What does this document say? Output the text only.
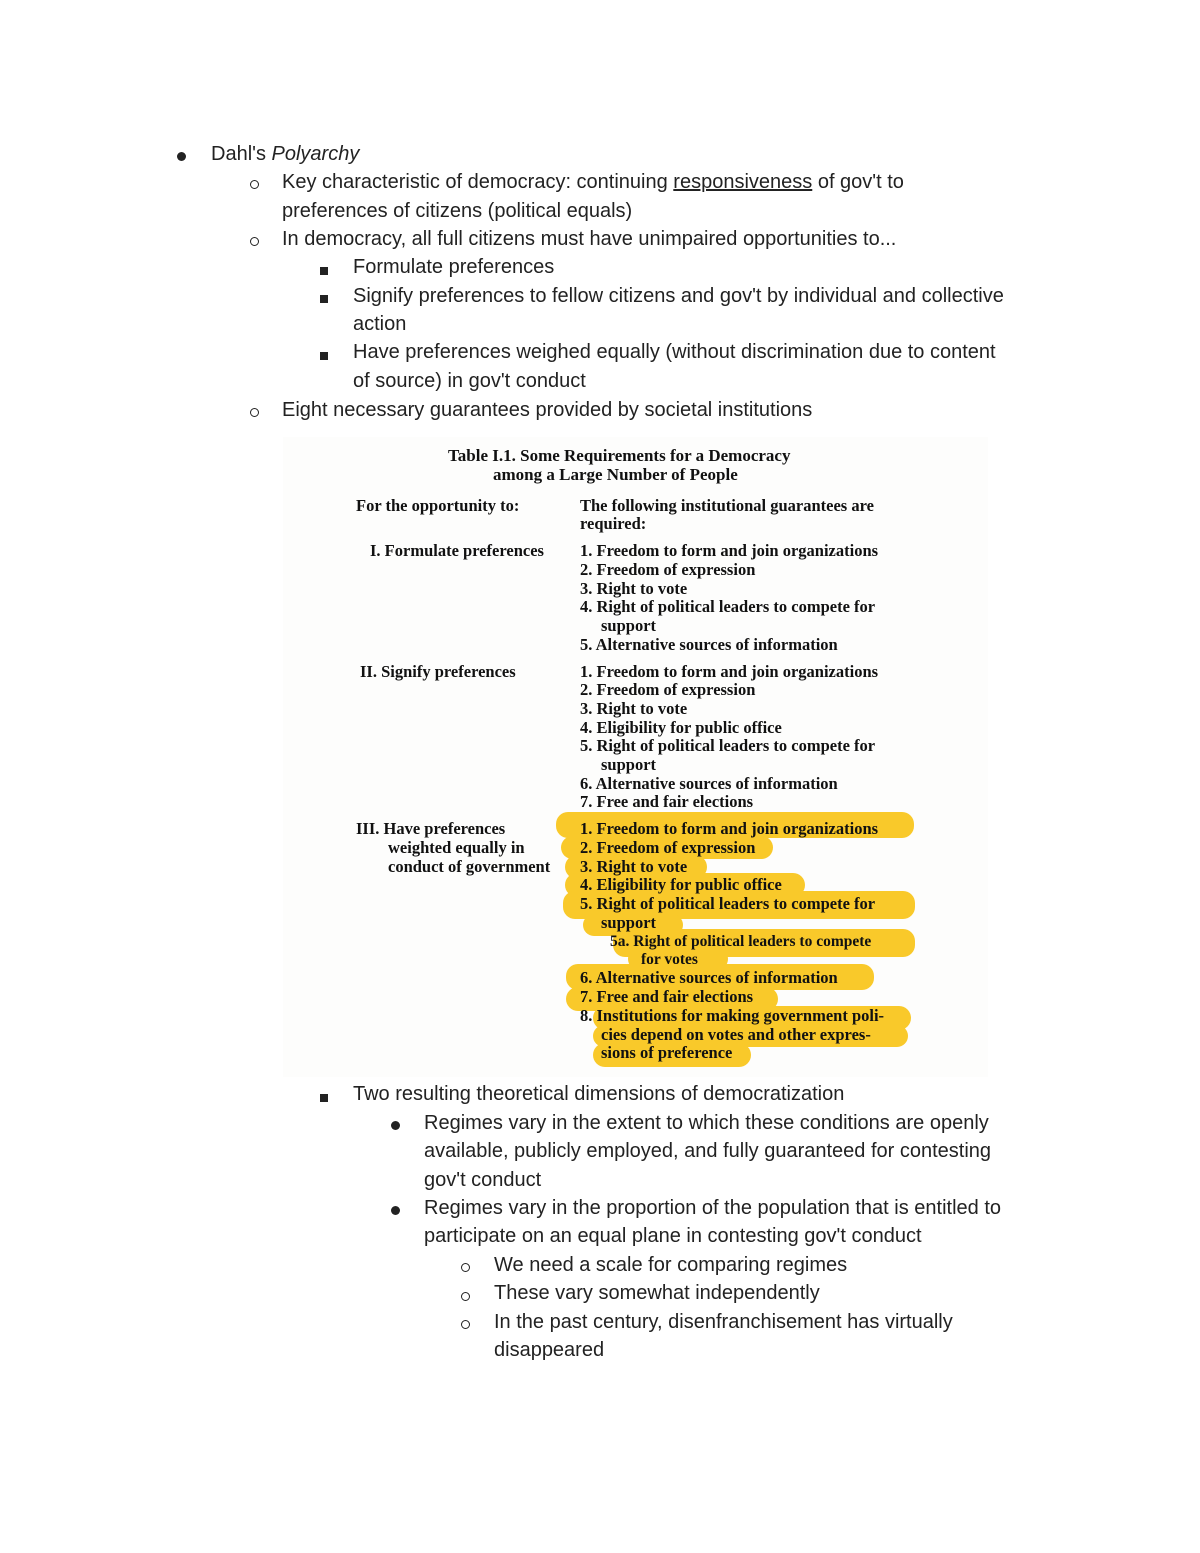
Dahl's Polyarchy
Key characteristic of democracy: continuing responsiveness of gov't to
preferences of citizens (political equals)
In democracy, all full citizens must have unimpaired opportunities to...
Formulate preferences
Signify preferences to fellow citizens and gov't by individual and collective
action
Have preferences weighed equally (without discrimination due to content
of source) in gov't conduct
Eight necessary guarantees provided by societal institutions
Table I.1. Some Requirements for a Democracy
among a Large Number of People
For the opportunity to:	The following institutional guarantees are
required:
I. Formulate preferences 1. Freedom to form and join organizations
2. Freedom of expression
3. Right to vote
4. Right of political leaders to compete for
support
5. Alternative sources of information
II. Signify preferences	1. Freedom to form and join organizations
2. Freedom of expression
3. Right to vote
4. Eligibility for public office
5. Right of political leaders to compete for
support
6. Alternative sources of information
7. Free and fair elections
III. Have preferences
weighted equally in
conduct of government
1. Freedom to form and join organizations
2. Freedom of expression
3. Right to vote
4. Eligibility for public office
5. Right of political leaders to compete for
support
5a. Right of political leaders to compete
for votes
6. Alternative sources of information
7. Free and fair elections
8. Institutions for making government poli-
cies depend on votes and other expres-
sions of preference
Two resulting theoretical dimensions of democratization
Regimes vary in the extent to which these conditions are openly
available, publicly employed, and fully guaranteed for contesting
gov't conduct
Regimes vary in the proportion of the population that is entitled to
participate on an equal plane in contesting gov't conduct
We need a scale for comparing regimes
These vary somewhat independently
In the past century, disenfranchisement has virtually
disappeared
